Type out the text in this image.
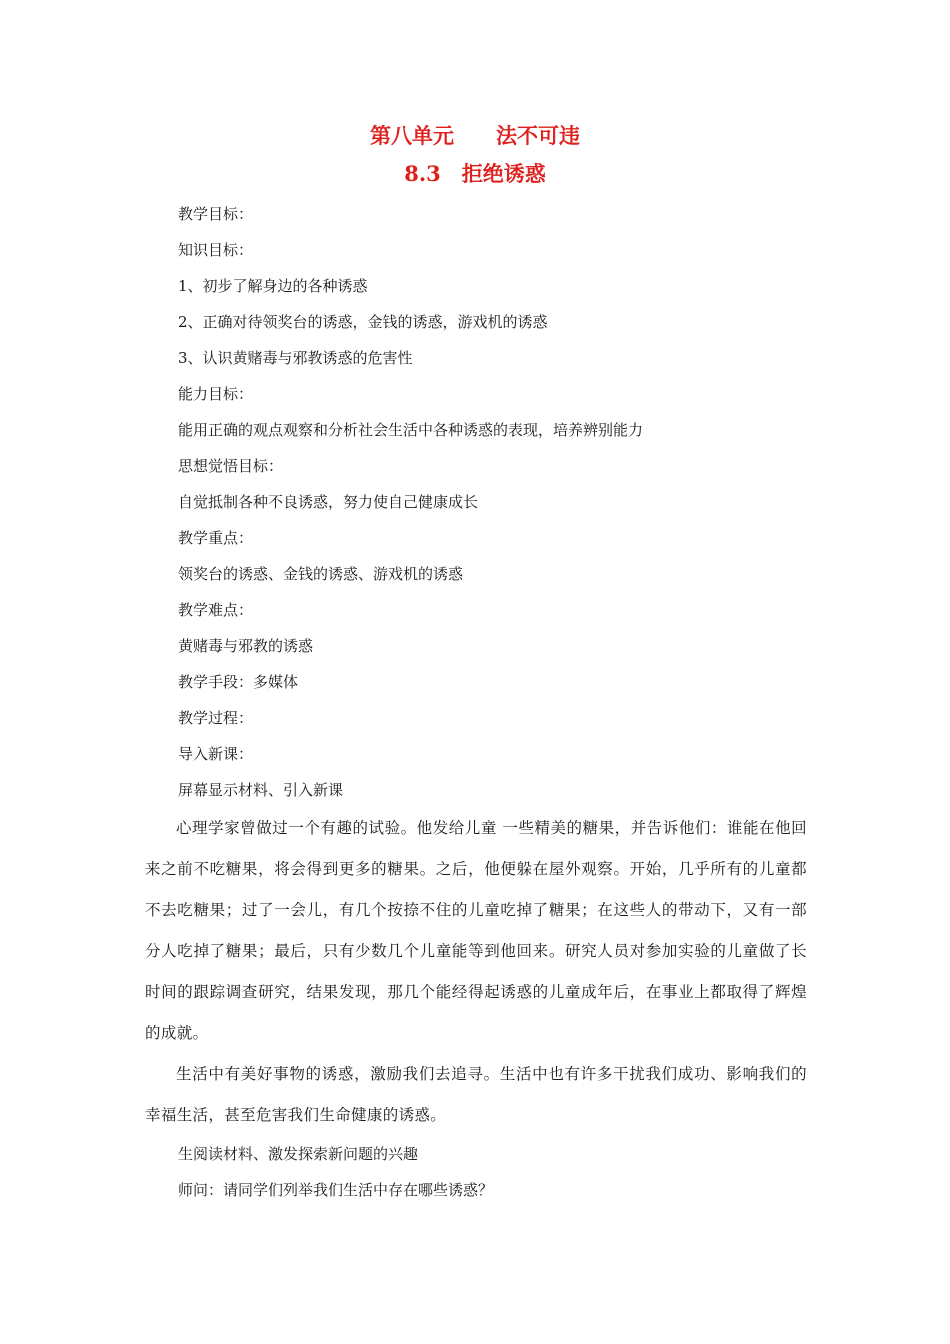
第八单元　　法不可违
8.3　拒绝诱惑
教学目标：
知识目标：
1、初步了解身边的各种诱惑
2、正确对待领奖台的诱惑，金钱的诱惑，游戏机的诱惑
3、认识黄赌毒与邪教诱惑的危害性
能力目标：
能用正确的观点观察和分析社会生活中各种诱惑的表现，培养辨别能力
思想觉悟目标：
自觉抵制各种不良诱惑，努力使自己健康成长
教学重点：
领奖台的诱惑、金钱的诱惑、游戏机的诱惑
教学难点：
黄赌毒与邪教的诱惑
教学手段：多媒体
教学过程：
导入新课：
屏幕显示材料、引入新课

心理学家曾做过一个有趣的试验。他发给儿童 一些精美的糖果，并告诉他们：谁能在他回来之前不吃糖果，将会得到更多的糖果。之后，他便躲在屋外观察。开始，几乎所有的儿童都不去吃糖果；过了一会儿，有几个按捺不住的儿童吃掉了糖果；在这些人的带动下，又有一部分人吃掉了糖果；最后，只有少数几个儿童能等到他回来。研究人员对参加实验的儿童做了长时间的跟踪调查研究，结果发现，那几个能经得起诱惑的儿童成年后，在事业上都取得了辉煌的成就。

生活中有美好事物的诱惑，激励我们去追寻。生活中也有许多干扰我们成功、影响我们的幸福生活，甚至危害我们生命健康的诱惑。

生阅读材料、激发探索新问题的兴趣
师问：请同学们列举我们生活中存在哪些诱惑？
